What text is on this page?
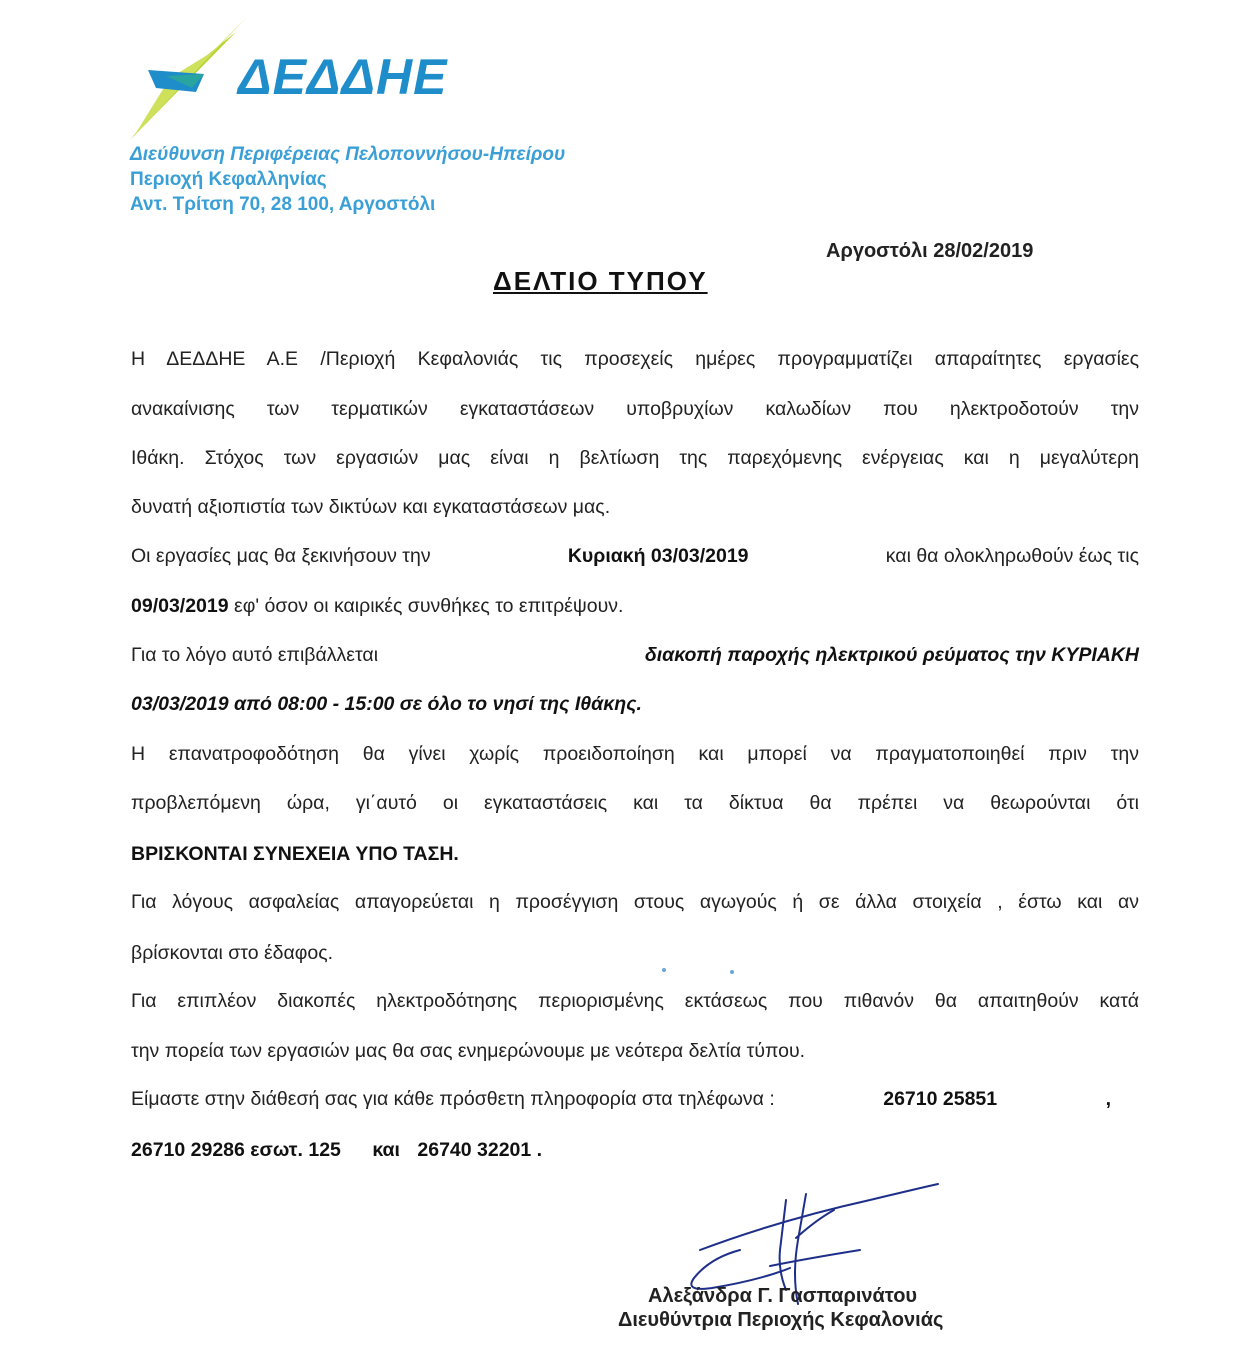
ΔΕΔΔΗΕ
Διεύθυνση Περιφέρειας Πελοποννήσου-Ηπείρου
Περιοχή Κεφαλληνίας
Αντ. Τρίτση 70, 28 100, Αργοστόλι
Αργοστόλι 28/02/2019
ΔΕΛΤΙΟ ΤΥΠΟΥ
Η ΔΕΔΔΗΕ Α.Ε /Περιοχή Κεφαλονιάς τις προσεχείς ημέρες προγραμματίζει απαραίτητες εργασίες
ανακαίνισης των τερματικών εγκαταστάσεων υποβρυχίων καλωδίων που ηλεκτροδοτούν την
Ιθάκη. Στόχος των εργασιών μας είναι η βελτίωση της παρεχόμενης ενέργειας και η μεγαλύτερη
δυνατή αξιοπιστία των δικτύων και εγκαταστάσεων μας.
Οι εργασίες μας θα ξεκινήσουν την	Κυριακή 03/03/2019	και θα ολοκληρωθούν έως τις
09/03/2019 εφ' όσον οι καιρικές συνθήκες το επιτρέψουν.
Για το λόγο αυτό επιβάλλεται	διακοπή παροχής ηλεκτρικού ρεύματος την ΚΥΡΙΑΚΗ
03/03/2019 από 08:00 - 15:00 σε όλο το νησί της Ιθάκης.
Η επανατροφοδότηση θα γίνει χωρίς προειδοποίηση και μπορεί να πραγματοποιηθεί πριν την
προβλεπόμενη ώρα, γι΄αυτό οι εγκαταστάσεις και τα δίκτυα θα πρέπει να θεωρούνται ότι
ΒΡΙΣΚΟΝΤΑΙ ΣΥΝΕΧΕΙΑ ΥΠΟ ΤΑΣΗ.
Για λόγους ασφαλείας απαγορεύεται η προσέγγιση στους αγωγούς ή σε άλλα στοιχεία , έστω και αν
βρίσκονται στο έδαφος.
Για επιπλέον διακοπές ηλεκτροδότησης περιορισμένης εκτάσεως που πιθανόν θα απαιτηθούν κατά
την πορεία των εργασιών μας θα σας ενημερώνουμε με νεότερα δελτία τύπου.
Είμαστε στην διάθεσή σας για κάθε πρόσθετη πληροφορία στα τηλέφωνα :	26710 25851	,
26710 29286 εσωτ. 125 και 26740 32201 .
Αλεξάνδρα Γ. Γασπαρινάτου
Διευθύντρια Περιοχής Κεφαλονιάς
